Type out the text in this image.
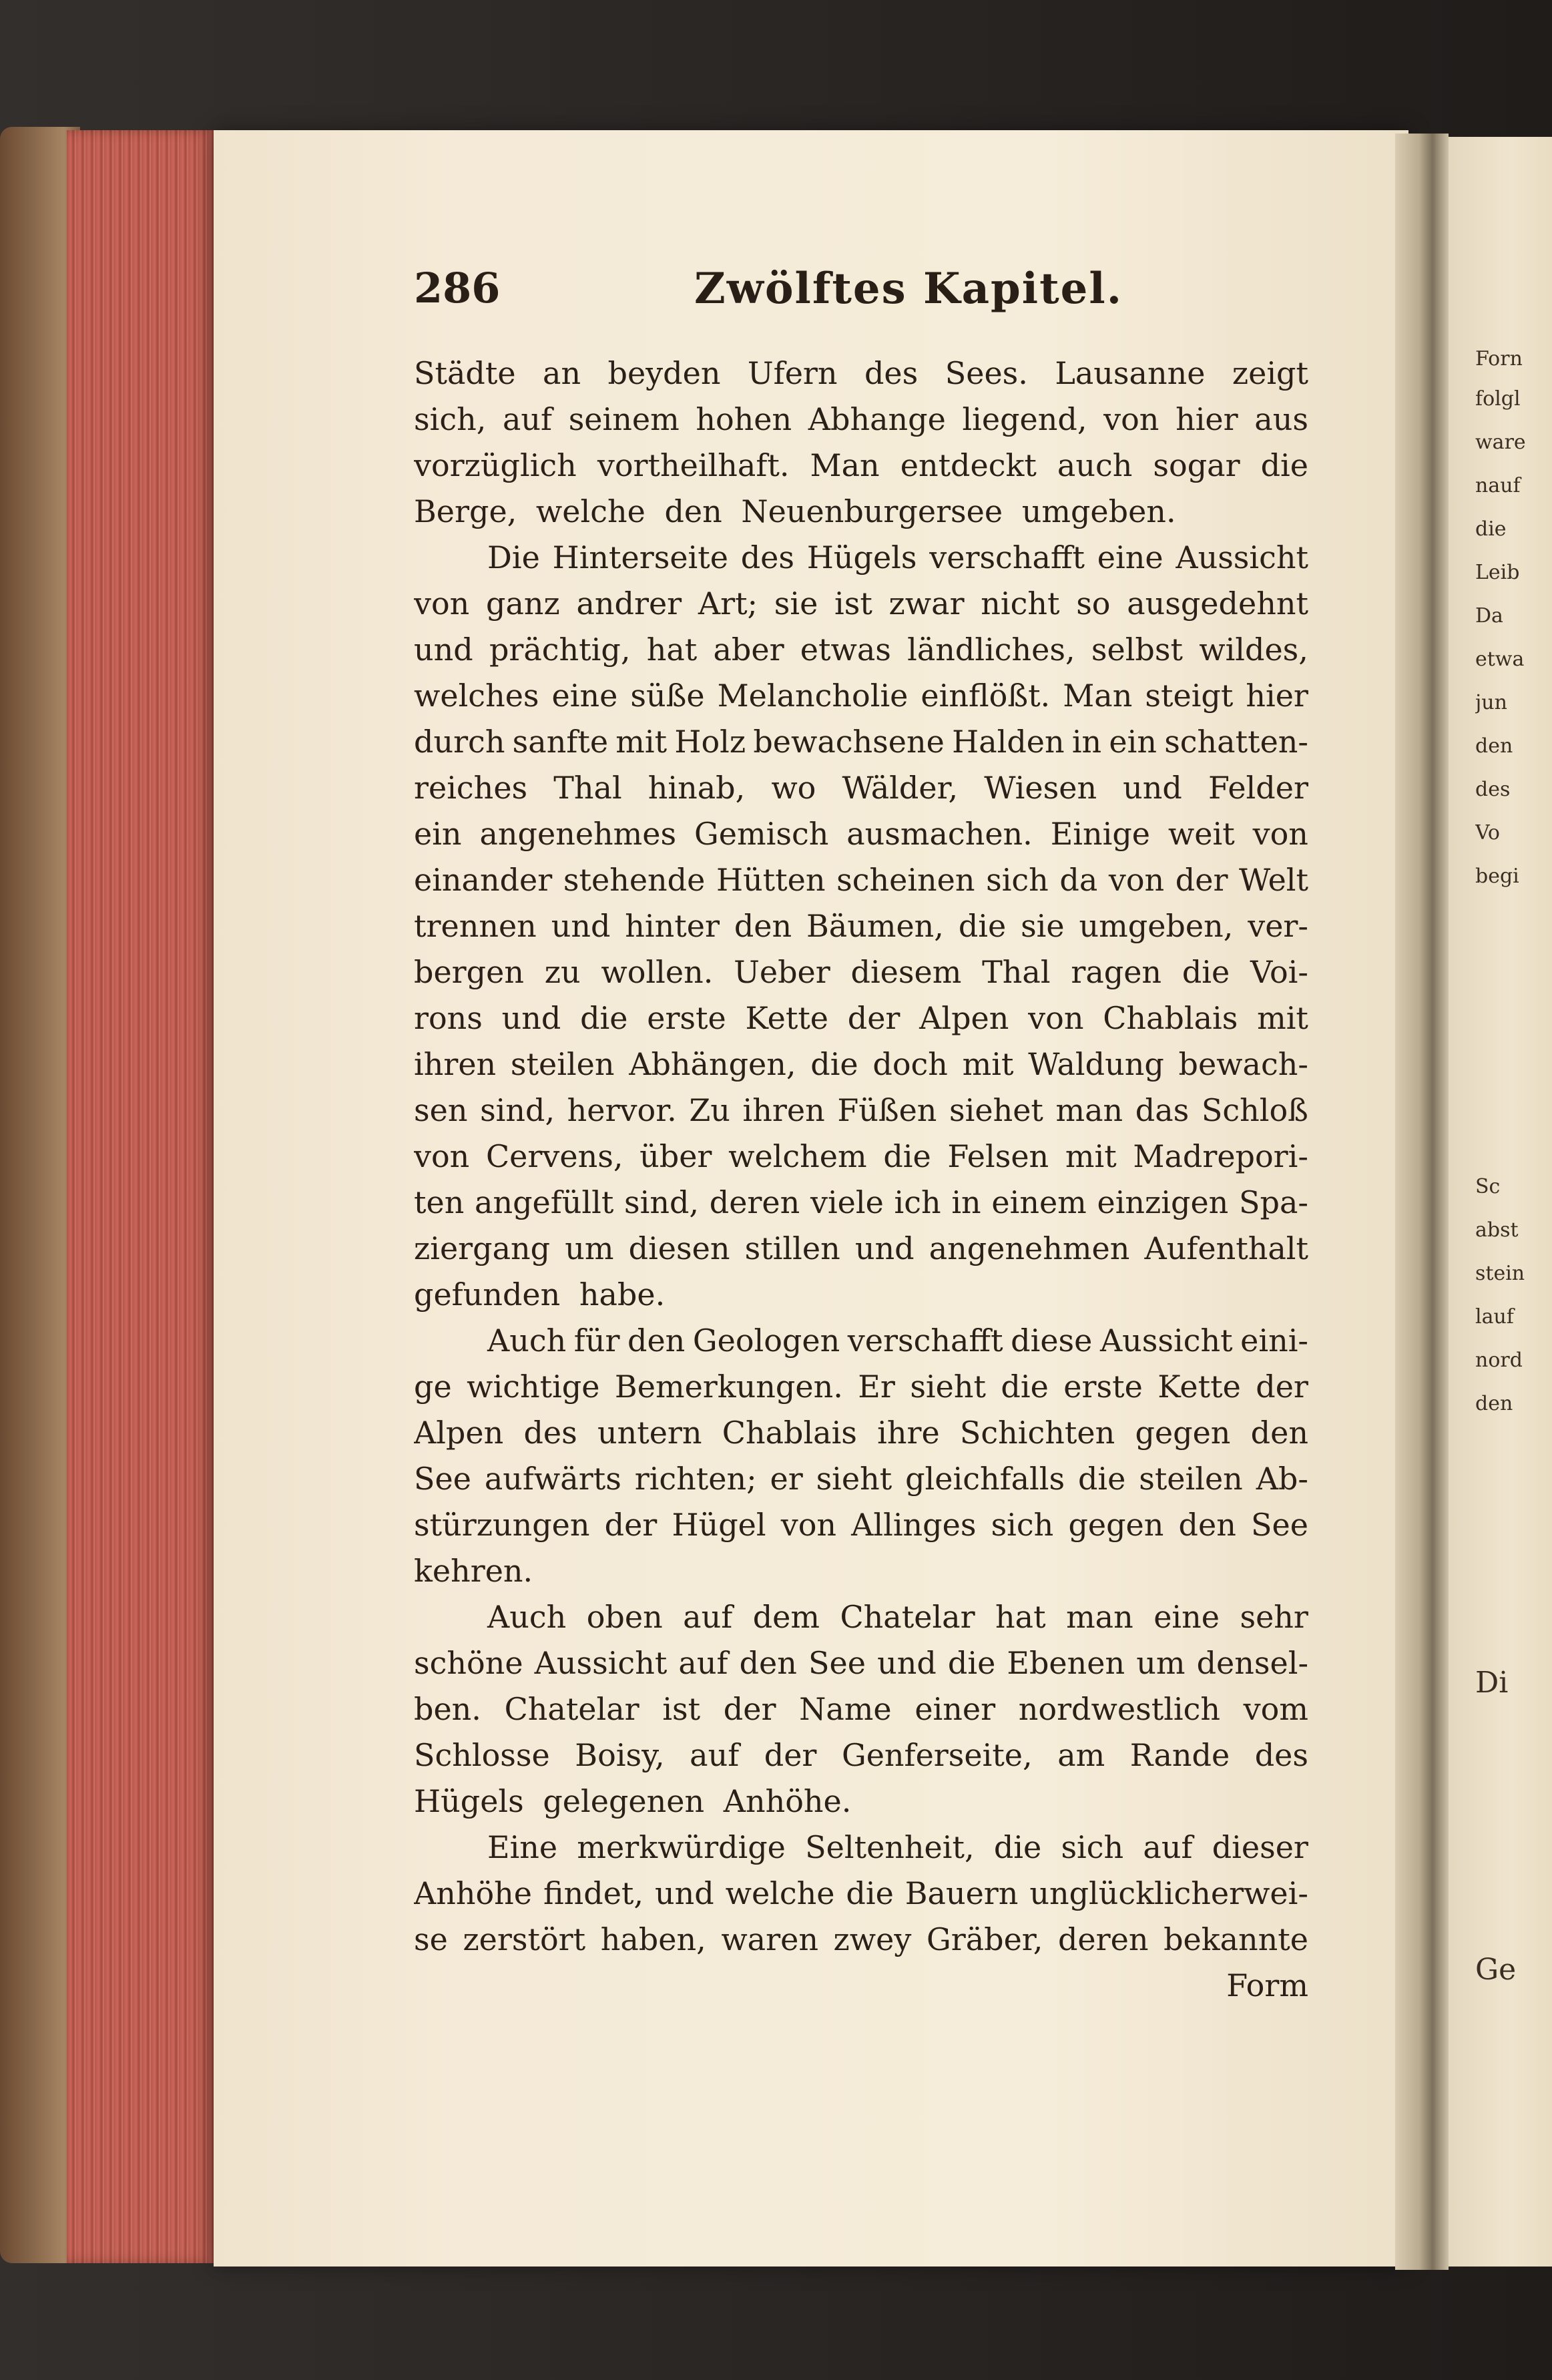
Forn
folgl
ware
nauf
die
Leib
Da
etwa
jun
den
des
Vo
begi
Sc
abst
stein
lauf
nord
den
Di
Ge
286	Zwölftes Kapitel.
Städte an beyden Ufern des Sees. Lausanne zeigt
sich, auf seinem hohen Abhange liegend, von hier aus
vorzüglich vortheilhaft. Man entdeckt auch sogar die
Berge, welche den Neuenburgersee umgeben.
Die Hinterseite des Hügels verschafft eine Aussicht
von ganz andrer Art; sie ist zwar nicht so ausgedehnt
und prächtig, hat aber etwas ländliches, selbst wildes,
welches eine süße Melancholie einflößt. Man steigt hier
durch sanfte mit Holz bewachsene Halden in ein schatten-
reiches Thal hinab, wo Wälder, Wiesen und Felder
ein angenehmes Gemisch ausmachen. Einige weit von
einander stehende Hütten scheinen sich da von der Welt
trennen und hinter den Bäumen, die sie umgeben, ver-
bergen zu wollen. Ueber diesem Thal ragen die Voi-
rons und die erste Kette der Alpen von Chablais mit
ihren steilen Abhängen, die doch mit Waldung bewach-
sen sind, hervor. Zu ihren Füßen siehet man das Schloß
von Cervens, über welchem die Felsen mit Madrepori-
ten angefüllt sind, deren viele ich in einem einzigen Spa-
ziergang um diesen stillen und angenehmen Aufenthalt
gefunden habe.
Auch für den Geologen verschafft diese Aussicht eini-
ge wichtige Bemerkungen. Er sieht die erste Kette der
Alpen des untern Chablais ihre Schichten gegen den
See aufwärts richten; er sieht gleichfalls die steilen Ab-
stürzungen der Hügel von Allinges sich gegen den See
kehren.
Auch oben auf dem Chatelar hat man eine sehr
schöne Aussicht auf den See und die Ebenen um densel-
ben. Chatelar ist der Name einer nordwestlich vom
Schlosse Boisy, auf der Genferseite, am Rande des
Hügels gelegenen Anhöhe.
Eine merkwürdige Seltenheit, die sich auf dieser
Anhöhe findet, und welche die Bauern unglücklicherwei-
se zerstört haben, waren zwey Gräber, deren bekannte
Form
